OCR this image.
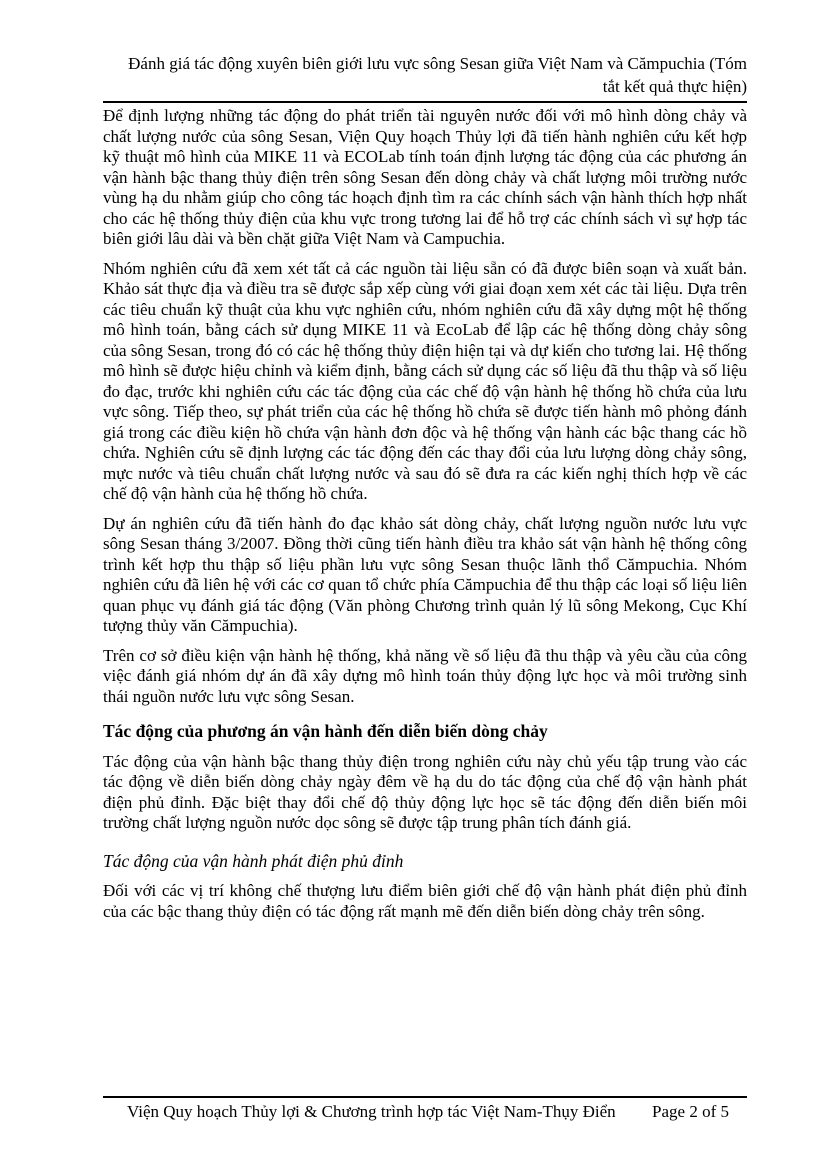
Đánh giá tác động xuyên biên giới lưu vực sông Sesan giữa Việt Nam và Cămpuchia (Tóm
tắt kết quả thực hiện)

Để định lượng những tác động do phát triển tài nguyên nước đối với mô hình dòng chảy và chất lượng nước của sông Sesan, Viện Quy hoạch Thủy lợi đã tiến hành nghiên cứu kết hợp kỹ thuật mô hình của MIKE 11 và ECOLab tính toán định lượng tác động của các phương án vận hành bậc thang thủy điện trên sông Sesan đến dòng chảy và chất lượng môi trường nước vùng hạ du nhằm giúp cho công tác hoạch định tìm ra các chính sách vận hành thích hợp nhất cho các hệ thống thủy điện của khu vực trong tương lai để hỗ trợ các chính sách vì sự hợp tác biên giới lâu dài và bền chặt giữa Việt Nam và Campuchia.

Nhóm nghiên cứu đã xem xét tất cả các nguồn tài liệu sẵn có đã được biên soạn và xuất bản. Khảo sát thực địa và điều tra sẽ được sắp xếp cùng với giai đoạn xem xét các tài liệu. Dựa trên các tiêu chuẩn kỹ thuật của khu vực nghiên cứu, nhóm nghiên cứu đã xây dựng một hệ thống mô hình toán, bằng cách sử dụng MIKE 11 và EcoLab để lập các hệ thống dòng chảy sông của sông Sesan, trong đó có các hệ thống thủy điện hiện tại và dự kiến cho tương lai. Hệ thống mô hình sẽ được hiệu chỉnh và kiểm định, bằng cách sử dụng các số liệu đã thu thập và số liệu đo đạc, trước khi nghiên cứu các tác động của các chế độ vận hành hệ thống hồ chứa của lưu vực sông. Tiếp theo, sự phát triển của các hệ thống hồ chứa sẽ được tiến hành mô phỏng đánh giá trong các điều kiện hồ chứa vận hành đơn độc và hệ thống vận hành các bậc thang các hồ chứa. Nghiên cứu sẽ định lượng các tác động đến các thay đổi của lưu lượng dòng chảy sông, mực nước và tiêu chuẩn chất lượng nước và sau đó sẽ đưa ra các kiến nghị thích hợp về các chế độ vận hành của hệ thống hồ chứa.

Dự án nghiên cứu đã tiến hành đo đạc khảo sát dòng chảy, chất lượng nguồn nước lưu vực sông Sesan tháng 3/2007. Đồng thời cũng tiến hành điều tra khảo sát vận hành hệ thống công trình kết hợp thu thập số liệu phần lưu vực sông Sesan thuộc lãnh thổ Cămpuchia. Nhóm nghiên cứu đã liên hệ với các cơ quan tổ chức phía Cămpuchia để thu thập các loại số liệu liên quan phục vụ đánh giá tác động (Văn phòng Chương trình quản lý lũ sông Mekong, Cục Khí tượng thủy văn Cămpuchia).

Trên cơ sở điều kiện vận hành hệ thống, khả năng về số liệu đã thu thập và yêu cầu của công việc đánh giá nhóm dự án đã xây dựng mô hình toán thủy động lực học và môi trường sinh thái nguồn nước lưu vực sông Sesan.

Tác động của phương án vận hành đến diễn biến dòng chảy

Tác động của vận hành bậc thang thủy điện trong nghiên cứu này chủ yếu tập trung vào các tác động về diễn biến dòng chảy ngày đêm về hạ du do tác động của chế độ vận hành phát điện phủ đỉnh. Đặc biệt thay đổi chế độ thủy động lực học sẽ tác động đến diễn biến môi trường chất lượng nguồn nước dọc sông sẽ được tập trung phân tích đánh giá.

Tác động của vận hành phát điện phủ đỉnh

Đối với các vị trí không chế thượng lưu điểm biên giới chế độ vận hành phát điện phủ đỉnh của các bậc thang thủy điện có tác động rất mạnh mẽ đến diễn biến dòng chảy trên sông.

Viện Quy hoạch Thủy lợi & Chương trình hợp tác Việt Nam-Thụy Điển Page 2 of 5
